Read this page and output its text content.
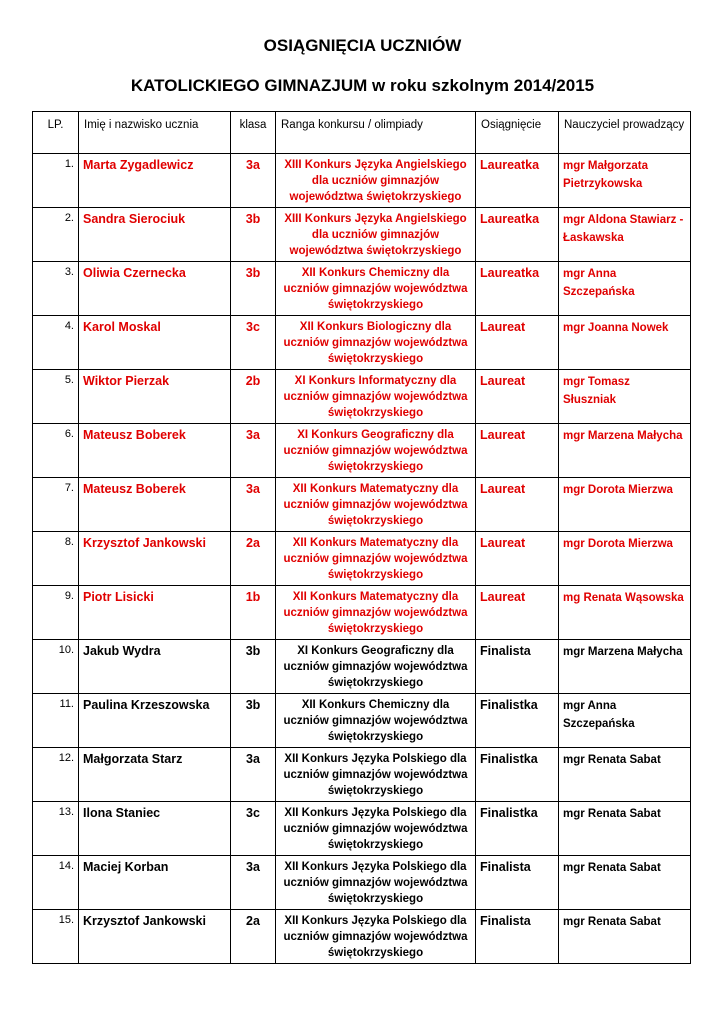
OSIĄGNIĘCIA UCZNIÓW
KATOLICKIEGO GIMNAZJUM w roku szkolnym 2014/2015
LP.	Imię i nazwisko ucznia	klasa	Ranga konkursu / olimpiady	Osiągnięcie	Nauczyciel prowadzący

1.	Marta Zygadlewicz	3a	XIII Konkurs Języka Angielskiego dla uczniów gimnazjów województwa świętokrzyskiego	Laureatka	mgr Małgorzata Pietrzykowska

2.	Sandra Sierociuk	3b	XIII Konkurs Języka Angielskiego dla uczniów gimnazjów województwa świętokrzyskiego	Laureatka	mgr Aldona Stawiarz - Łaskawska

3.	Oliwia Czernecka	3b	XII Konkurs Chemiczny dla uczniów gimnazjów województwa świętokrzyskiego	Laureatka	mgr Anna Szczepańska

4.	Karol Moskal	3c	XII Konkurs Biologiczny dla uczniów gimnazjów województwa świętokrzyskiego	Laureat	mgr Joanna Nowek

5.	Wiktor Pierzak	2b	XI Konkurs Informatyczny dla uczniów gimnazjów województwa świętokrzyskiego	Laureat	mgr Tomasz Słuszniak

6.	Mateusz Boberek	3a	XI Konkurs Geograficzny dla uczniów gimnazjów województwa świętokrzyskiego	Laureat	mgr Marzena Małycha

7.	Mateusz Boberek	3a	XII Konkurs Matematyczny dla uczniów gimnazjów województwa świętokrzyskiego	Laureat	mgr Dorota Mierzwa

8.	Krzysztof Jankowski	2a	XII Konkurs Matematyczny dla uczniów gimnazjów województwa świętokrzyskiego	Laureat	mgr Dorota Mierzwa

9.	Piotr Lisicki	1b	XII Konkurs Matematyczny dla uczniów gimnazjów województwa świętokrzyskiego	Laureat	mg Renata Wąsowska

10.	Jakub Wydra	3b	XI Konkurs Geograficzny dla uczniów gimnazjów województwa świętokrzyskiego	Finalista	mgr Marzena Małycha

11.	Paulina Krzeszowska	3b	XII Konkurs Chemiczny dla uczniów gimnazjów województwa świętokrzyskiego	Finalistka	mgr Anna Szczepańska

12.	Małgorzata Starz	3a	XII Konkurs Języka Polskiego dla uczniów gimnazjów województwa świętokrzyskiego	Finalistka	mgr Renata Sabat

13.	Ilona Staniec	3c	XII Konkurs Języka Polskiego dla uczniów gimnazjów województwa świętokrzyskiego	Finalistka	mgr Renata Sabat

14.	Maciej Korban	3a	XII Konkurs Języka Polskiego dla uczniów gimnazjów województwa świętokrzyskiego	Finalista	mgr Renata Sabat

15.	Krzysztof Jankowski	2a	XII Konkurs Języka Polskiego dla uczniów gimnazjów województwa świętokrzyskiego	Finalista	mgr Renata Sabat
